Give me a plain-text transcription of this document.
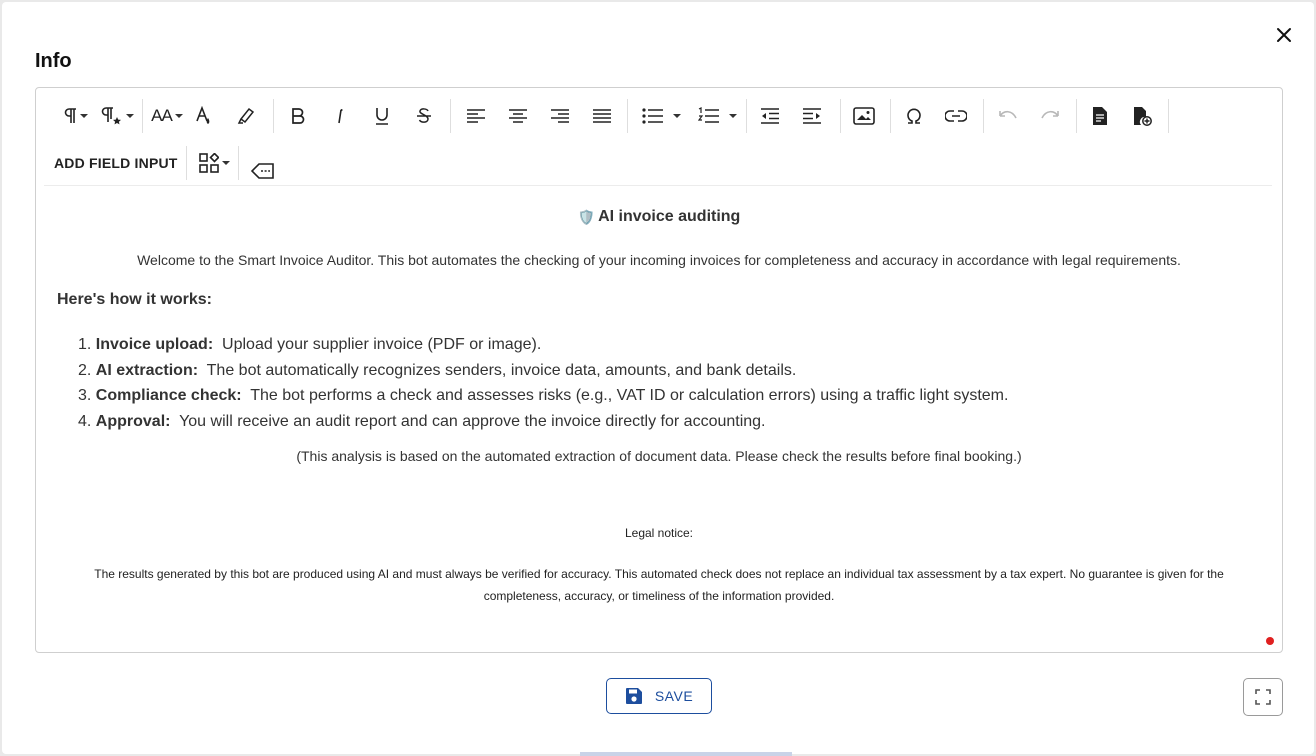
Info
AA
ADD FIELD INPUT
🛡️ AI invoice auditing
Welcome to the Smart Invoice Auditor. This bot automates the checking of your incoming invoices for completeness and accuracy in accordance with legal requirements.
Here's how it works:
1. Invoice upload: Upload your supplier invoice (PDF or image).
2. AI extraction: The bot automatically recognizes senders, invoice data, amounts, and bank details.
3. Compliance check: The bot performs a check and assesses risks (e.g., VAT ID or calculation errors) using a traffic light system.
4. Approval: You will receive an audit report and can approve the invoice directly for accounting.
(This analysis is based on the automated extraction of document data. Please check the results before final booking.)
Legal notice:
The results generated by this bot are produced using AI and must always be verified for accuracy. This automated check does not replace an individual tax assessment by a tax expert. No guarantee is given for the completeness, accuracy, or timeliness of the information provided.
SAVE
